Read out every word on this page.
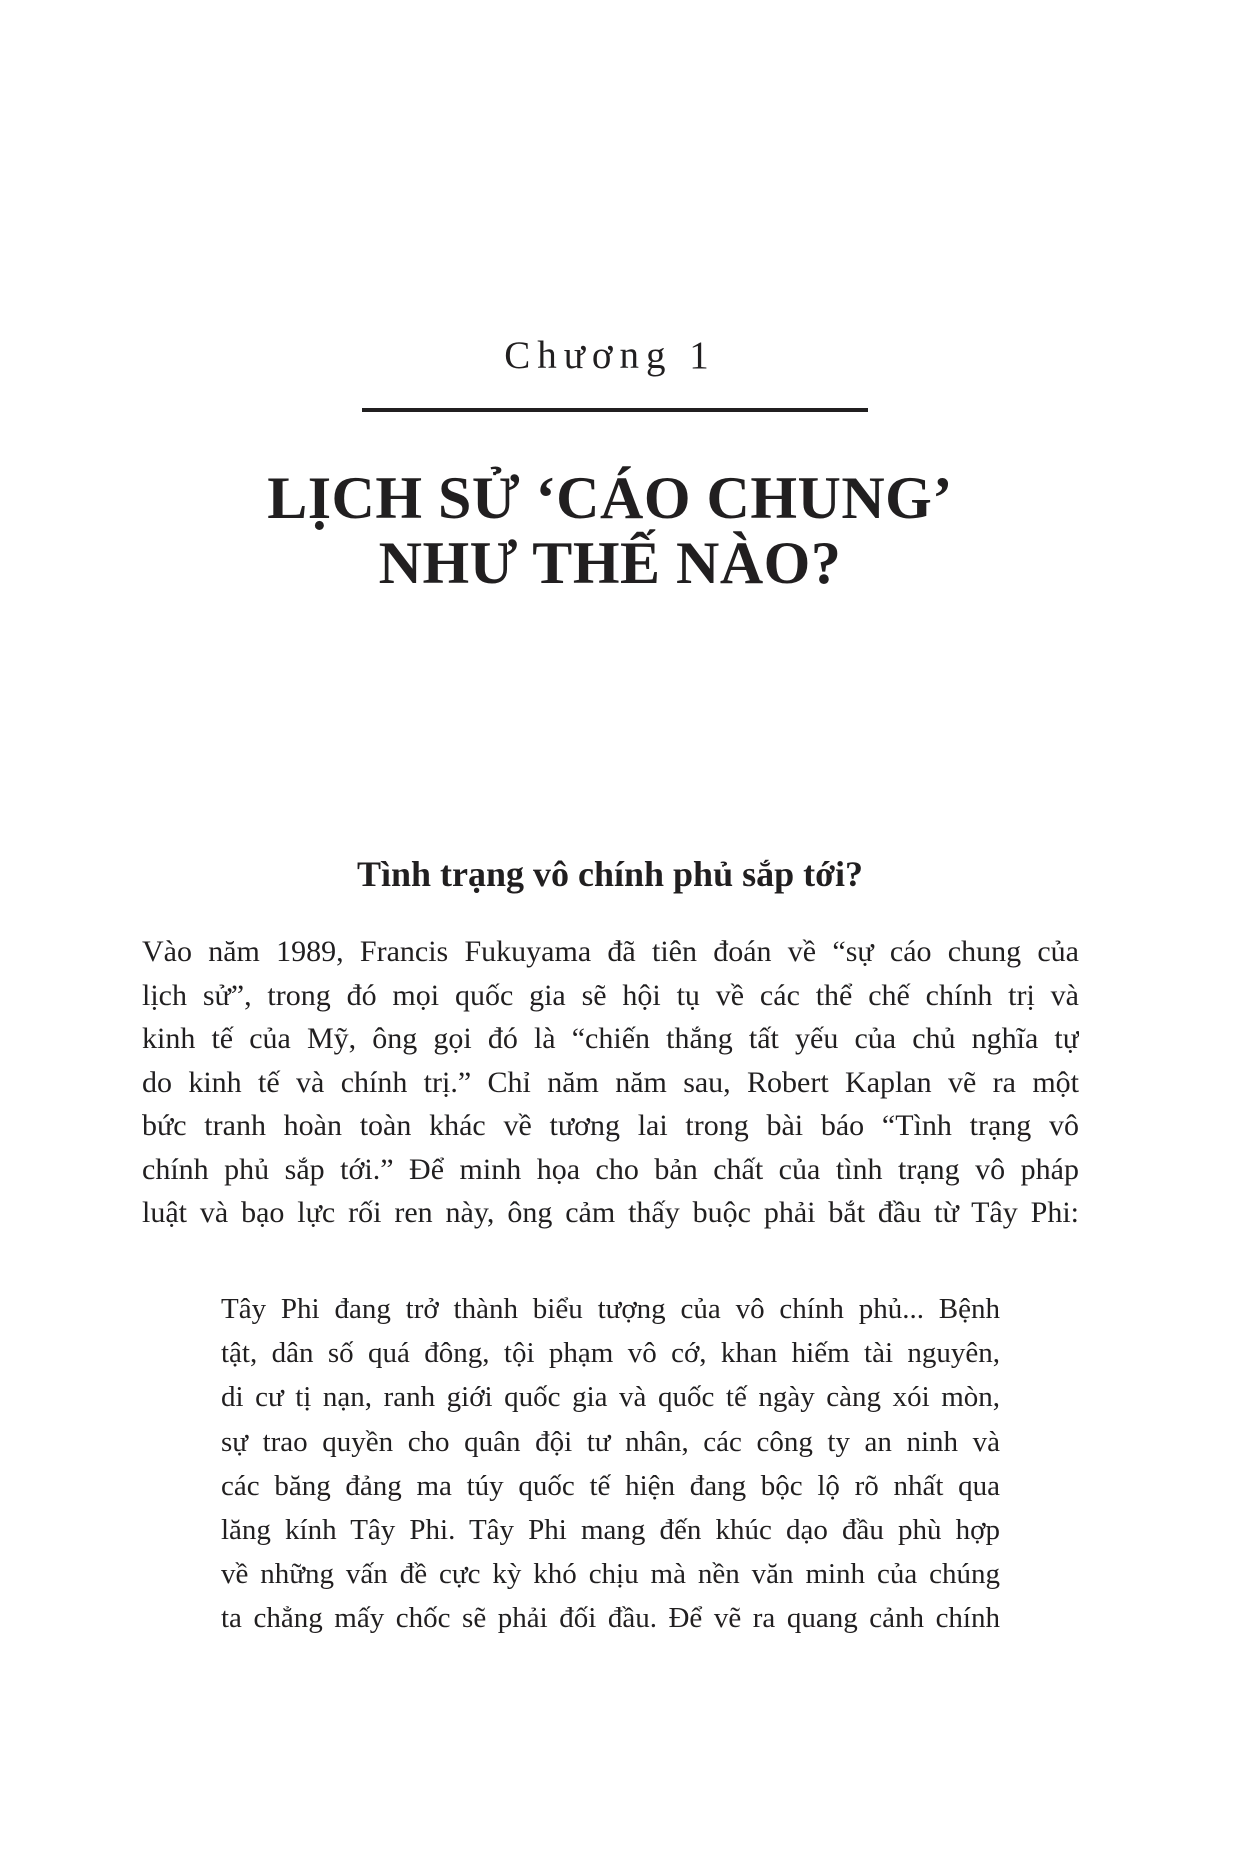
Chương 1
LỊCH SỬ ‘CÁO CHUNG’
NHƯ THẾ NÀO?
Tình trạng vô chính phủ sắp tới?
Vào năm 1989, Francis Fukuyama đã tiên đoán về “sự cáo chung của
lịch sử”, trong đó mọi quốc gia sẽ hội tụ về các thể chế chính trị và
kinh tế của Mỹ, ông gọi đó là “chiến thắng tất yếu của chủ nghĩa tự
do kinh tế và chính trị.” Chỉ năm năm sau, Robert Kaplan vẽ ra một
bức tranh hoàn toàn khác về tương lai trong bài báo “Tình trạng vô
chính phủ sắp tới.” Để minh họa cho bản chất của tình trạng vô pháp
luật và bạo lực rối ren này, ông cảm thấy buộc phải bắt đầu từ Tây Phi:
Tây Phi đang trở thành biểu tượng của vô chính phủ... Bệnh
tật, dân số quá đông, tội phạm vô cớ, khan hiếm tài nguyên,
di cư tị nạn, ranh giới quốc gia và quốc tế ngày càng xói mòn,
sự trao quyền cho quân đội tư nhân, các công ty an ninh và
các băng đảng ma túy quốc tế hiện đang bộc lộ rõ nhất qua
lăng kính Tây Phi. Tây Phi mang đến khúc dạo đầu phù hợp
về những vấn đề cực kỳ khó chịu mà nền văn minh của chúng
ta chẳng mấy chốc sẽ phải đối đầu. Để vẽ ra quang cảnh chính
